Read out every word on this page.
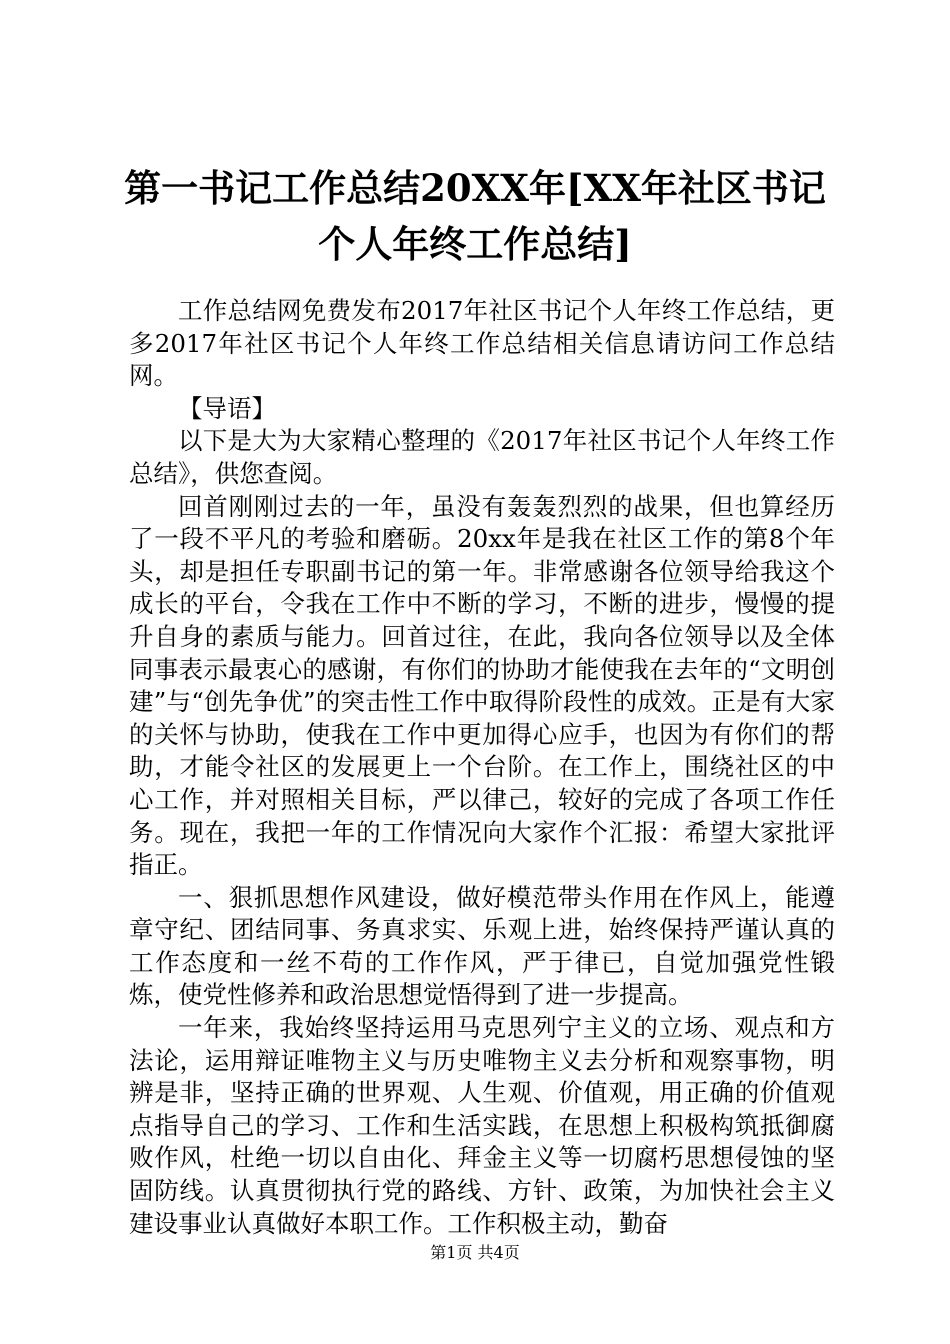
第一书记工作总结20XX年[XX年社区书记个人年终工作总结]

工作总结网免费发布2017年社区书记个人年终工作总结，更多2017年社区书记个人年终工作总结相关信息请访问工作总结网。

【导语】

以下是大为大家精心整理的《2017年社区书记个人年终工作总结》，供您查阅。

回首刚刚过去的一年，虽没有轰轰烈烈的战果，但也算经历了一段不平凡的考验和磨砺。20xx年是我在社区工作的第8个年头，却是担任专职副书记的第一年。非常感谢各位领导给我这个成长的平台，令我在工作中不断的学习，不断的进步，慢慢的提升自身的素质与能力。回首过往，在此，我向各位领导以及全体同事表示最衷心的感谢，有你们的协助才能使我在去年的“文明创建”与“创先争优”的突击性工作中取得阶段性的成效。正是有大家的关怀与协助，使我在工作中更加得心应手，也因为有你们的帮助，才能令社区的发展更上一个台阶。在工作上，围绕社区的中心工作，并对照相关目标，严以律己，较好的完成了各项工作任务。现在，我把一年的工作情况向大家作个汇报：希望大家批评指正。

一、狠抓思想作风建设，做好模范带头作用在作风上，能遵章守纪、团结同事、务真求实、乐观上进，始终保持严谨认真的工作态度和一丝不苟的工作作风，严于律已，自觉加强党性锻炼，使党性修养和政治思想觉悟得到了进一步提高。

一年来，我始终坚持运用马克思列宁主义的立场、观点和方法论，运用辩证唯物主义与历史唯物主义去分析和观察事物，明辨是非，坚持正确的世界观、人生观、价值观，用正确的价值观点指导自己的学习、工作和生活实践，在思想上积极构筑抵御腐败作风，杜绝一切以自由化、拜金主义等一切腐朽思想侵蚀的坚固防线。认真贯彻执行党的路线、方针、政策，为加快社会主义建设事业认真做好本职工作。工作积极主动，勤奋

第1页 共4页
